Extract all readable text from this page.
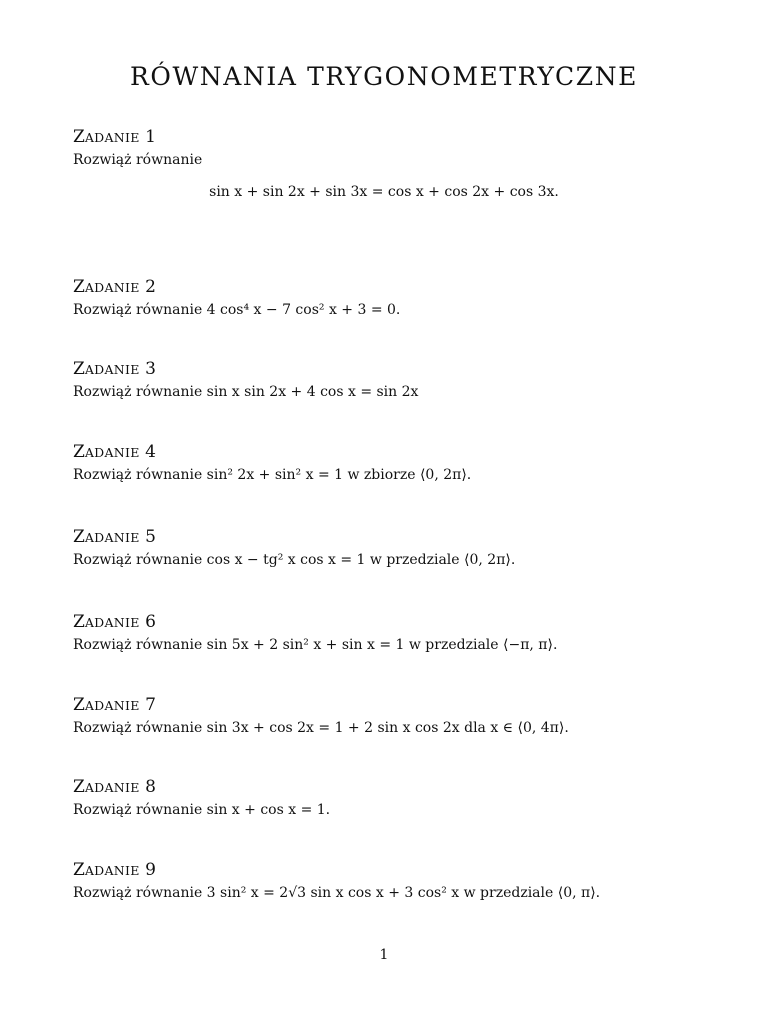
RÓWNANIA TRYGONOMETRYCZNE
ZADANIE 1
Rozwiąż równanie
sin x + sin 2x + sin 3x = cos x + cos 2x + cos 3x.
ZADANIE 2
Rozwiąż równanie 4 cos⁴ x − 7 cos² x + 3 = 0.
ZADANIE 3
Rozwiąż równanie sin x sin 2x + 4 cos x = sin 2x
ZADANIE 4
Rozwiąż równanie sin² 2x + sin² x = 1 w zbiorze ⟨0, 2π⟩.
ZADANIE 5
Rozwiąż równanie cos x − tg² x cos x = 1 w przedziale ⟨0, 2π⟩.
ZADANIE 6
Rozwiąż równanie sin 5x + 2 sin² x + sin x = 1 w przedziale ⟨−π, π⟩.
ZADANIE 7
Rozwiąż równanie sin 3x + cos 2x = 1 + 2 sin x cos 2x dla x ∈ ⟨0, 4π⟩.
ZADANIE 8
Rozwiąż równanie sin x + cos x = 1.
ZADANIE 9
Rozwiąż równanie 3 sin² x = 2√3 sin x cos x + 3 cos² x w przedziale ⟨0, π⟩.
1
